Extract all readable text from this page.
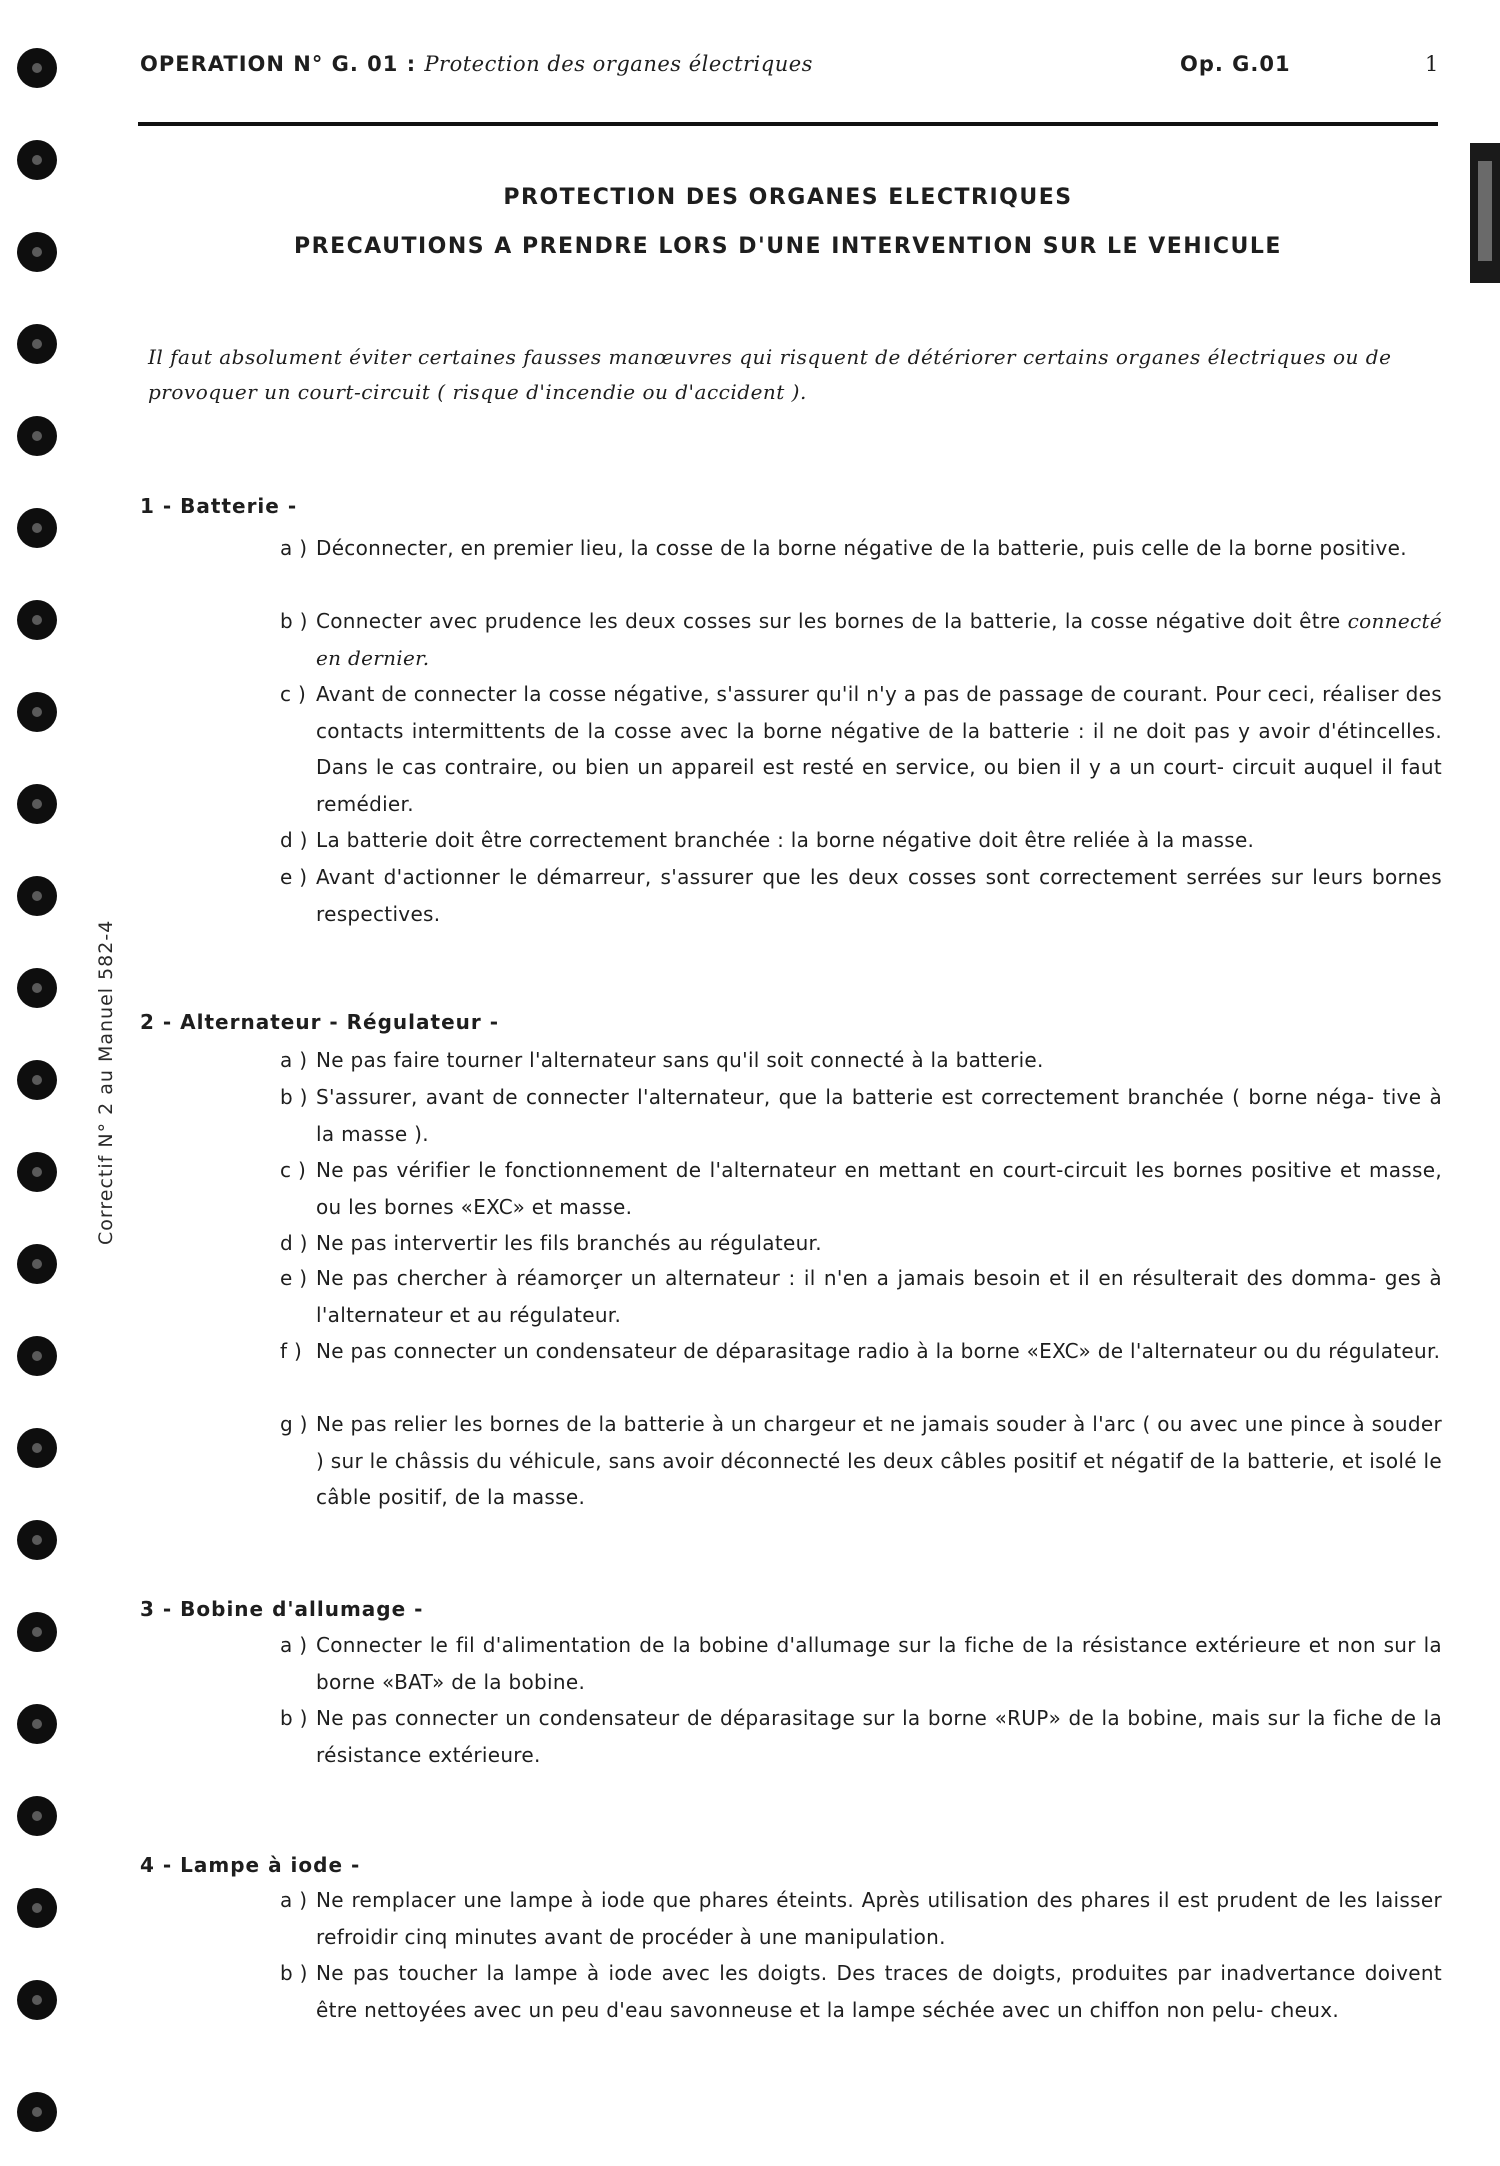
Correctif N° 2 au Manuel 582-4
OPERATION N° G. 01 : Protection des organes électriques	Op. G.01	1
PROTECTION DES ORGANES ELECTRIQUES
PRECAUTIONS A PRENDRE LORS D'UNE INTERVENTION SUR LE VEHICULE
Il faut absolument éviter certaines fausses manœuvres qui risquent de détériorer certains organes électriques ou de provoquer un court-circuit ( risque d'incendie ou d'accident ).
1 - Batterie -
a ) Déconnecter, en premier lieu, la cosse de la borne négative de la batterie, puis celle de la borne positive.
b ) Connecter avec prudence les deux cosses sur les bornes de la batterie, la cosse négative doit être connecté en dernier.
c ) Avant de connecter la cosse négative, s'assurer qu'il n'y a pas de passage de courant. Pour ceci, réaliser des contacts intermittents de la cosse avec la borne négative de la batterie : il ne doit pas y avoir d'étincelles. Dans le cas contraire, ou bien un appareil est resté en service, ou bien il y a un court- circuit auquel il faut remédier.
d ) La batterie doit être correctement branchée : la borne négative doit être reliée à la masse.
e ) Avant d'actionner le démarreur, s'assurer que les deux cosses sont correctement serrées sur leurs bornes respectives.
2 - Alternateur - Régulateur -
a ) Ne pas faire tourner l'alternateur sans qu'il soit connecté à la batterie.
b ) S'assurer, avant de connecter l'alternateur, que la batterie est correctement branchée ( borne néga- tive à la masse ).
c ) Ne pas vérifier le fonctionnement de l'alternateur en mettant en court-circuit les bornes positive et masse, ou les bornes «EXC» et masse.
d ) Ne pas intervertir les fils branchés au régulateur.
e ) Ne pas chercher à réamorçer un alternateur : il n'en a jamais besoin et il en résulterait des domma- ges à l'alternateur et au régulateur.
f ) Ne pas connecter un condensateur de déparasitage radio à la borne «EXC» de l'alternateur ou du régulateur.
g ) Ne pas relier les bornes de la batterie à un chargeur et ne jamais souder à l'arc ( ou avec une pince à souder ) sur le châssis du véhicule, sans avoir déconnecté les deux câbles positif et négatif de la batterie, et isolé le câble positif, de la masse.
3 - Bobine d'allumage -
a ) Connecter le fil d'alimentation de la bobine d'allumage sur la fiche de la résistance extérieure et non sur la borne «BAT» de la bobine.
b ) Ne pas connecter un condensateur de déparasitage sur la borne «RUP» de la bobine, mais sur la fiche de la résistance extérieure.
4 - Lampe à iode -
a ) Ne remplacer une lampe à iode que phares éteints. Après utilisation des phares il est prudent de les laisser refroidir cinq minutes avant de procéder à une manipulation.
b ) Ne pas toucher la lampe à iode avec les doigts. Des traces de doigts, produites par inadvertance doivent être nettoyées avec un peu d'eau savonneuse et la lampe séchée avec un chiffon non pelu- cheux.
